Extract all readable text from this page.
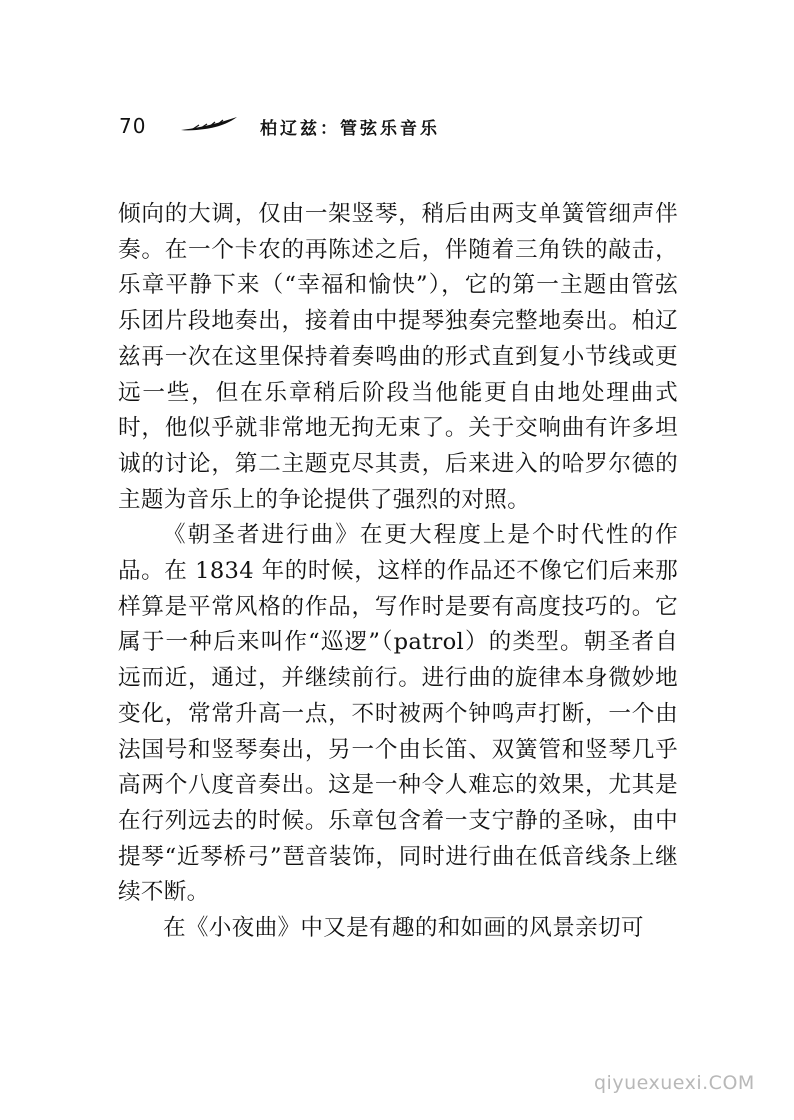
70	柏辽兹：管弦乐音乐

倾向的大调，仅由一架竖琴，稍后由两支单簧管细声伴奏。在一个卡农的再陈述之后，伴随着三角铁的敲击，乐章平静下来（“幸福和愉快”），它的第一主题由管弦乐团片段地奏出，接着由中提琴独奏完整地奏出。柏辽兹再一次在这里保持着奏鸣曲的形式直到复小节线或更远一些，但在乐章稍后阶段当他能更自由地处理曲式时，他似乎就非常地无拘无束了。关于交响曲有许多坦诚的讨论，第二主题克尽其责，后来进入的哈罗尔德的主题为音乐上的争论提供了强烈的对照。

《朝圣者进行曲》在更大程度上是个时代性的作品。在 1834 年的时候，这样的作品还不像它们后来那样算是平常风格的作品，写作时是要有高度技巧的。它属于一种后来叫作“巡逻”（patrol）的类型。朝圣者自远而近，通过，并继续前行。进行曲的旋律本身微妙地变化，常常升高一点，不时被两个钟鸣声打断，一个由法国号和竖琴奏出，另一个由长笛、双簧管和竖琴几乎高两个八度音奏出。这是一种令人难忘的效果，尤其是在行列远去的时候。乐章包含着一支宁静的圣咏，由中提琴“近琴桥弓”琶音装饰，同时进行曲在低音线条上继续不断。

在《小夜曲》中又是有趣的和如画的风景亲切可

qiyuexuexi.COM
